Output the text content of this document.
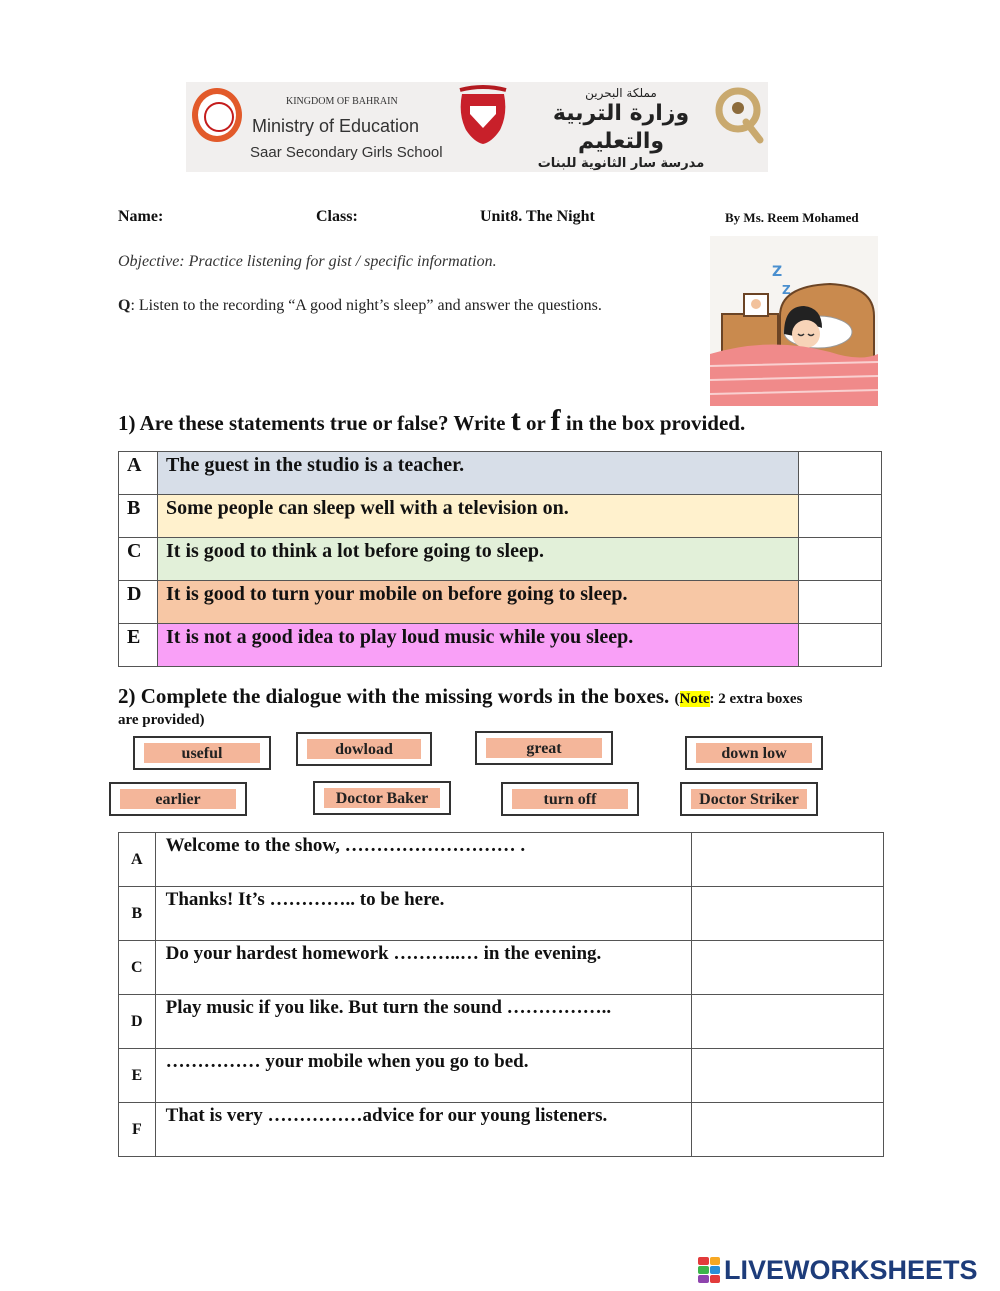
KINGDOM OF BAHRAIN
Ministry of Education
Saar Secondary Girls School
مملكة البحرين
وزارة التربية والتعليم
مدرسة سار الثانوية للبنات
Name:	Class:	Unit8. The Night	By Ms. Reem Mohamed
Objective: Practice listening for gist / specific information.
Q: Listen to the recording “A good night’s sleep” and answer the questions.
Z
Z
1) Are these statements true or false? Write t or f in the box provided.
A	The guest in the studio is a teacher.	
B	Some people can sleep well with a television on.	
C	It is good to think a lot before going to sleep.	
D	It is good to turn your mobile on before going to sleep.	
E	It is not a good idea to play loud music while you sleep.	
2) Complete the dialogue with the missing words in the boxes. (Note: 2 extra boxes
are provided)
useful	dowload	great	down low
earlier	Doctor Baker	turn off	Doctor Striker
A	Welcome to the show, ……………………… .	
B	Thanks! It’s ………….. to be here.	
C	Do your hardest homework ………..… in the evening.	
D	Play music if you like. But turn the sound ……………..	
E	…………… your mobile when you go to bed.	
F	That is very ……………advice for our young listeners.	
LIVEWORKSHEETS
